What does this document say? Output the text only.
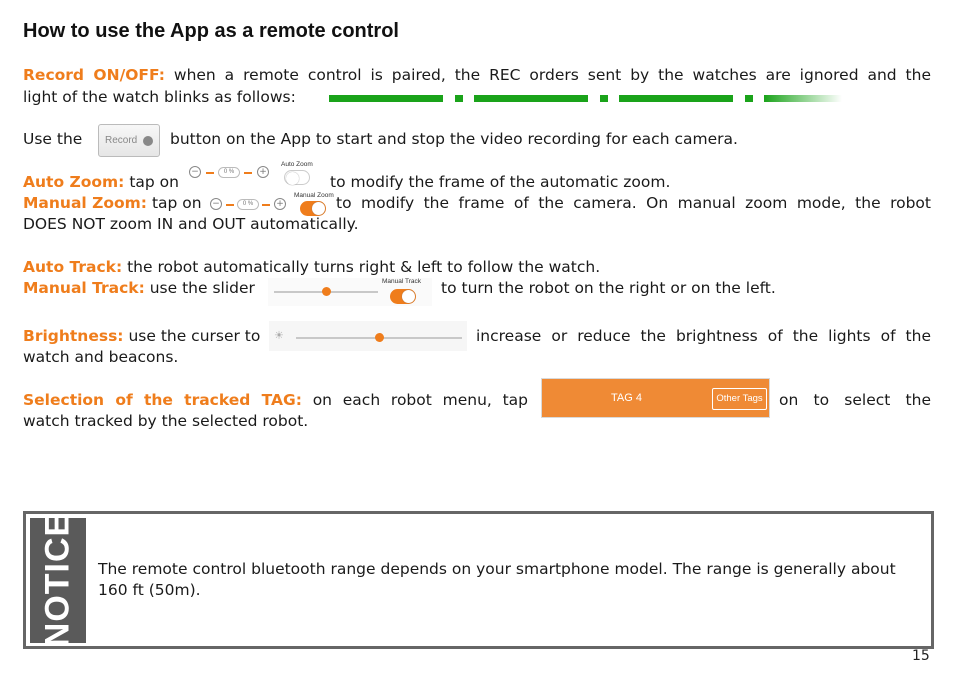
How to use the App as a remote control
Record ON/OFF: when a remote control is paired, the REC orders sent by the watches are ignored and the
light of the watch blinks as follows:
Use the	Record button on the App to start and stop the video recording for each camera.
Auto Zoom: tap on
−	0 %	+
Auto Zoom
to modify the frame of the automatic zoom.
Manual Zoom: tap on	−	0 %	+
Manual Zoom to modify the frame of the camera. On manual zoom mode, the robot
DOES NOT zoom IN and OUT automatically.
Auto Track: the robot automatically turns right & left to follow the watch.
Manual Track: use the slider	Manual Track to turn the robot on the right or on the left.
Brightness: use the curser to	☀	increase or reduce the brightness of the lights of the
watch and beacons.
Selection of the tracked TAG: on each robot menu, tap	TAG 4	Other Tags on to select the
watch tracked by the selected robot.
NOTICE The remote control bluetooth range depends on your smartphone model. The range is generally about 160 ft (50m).
15
